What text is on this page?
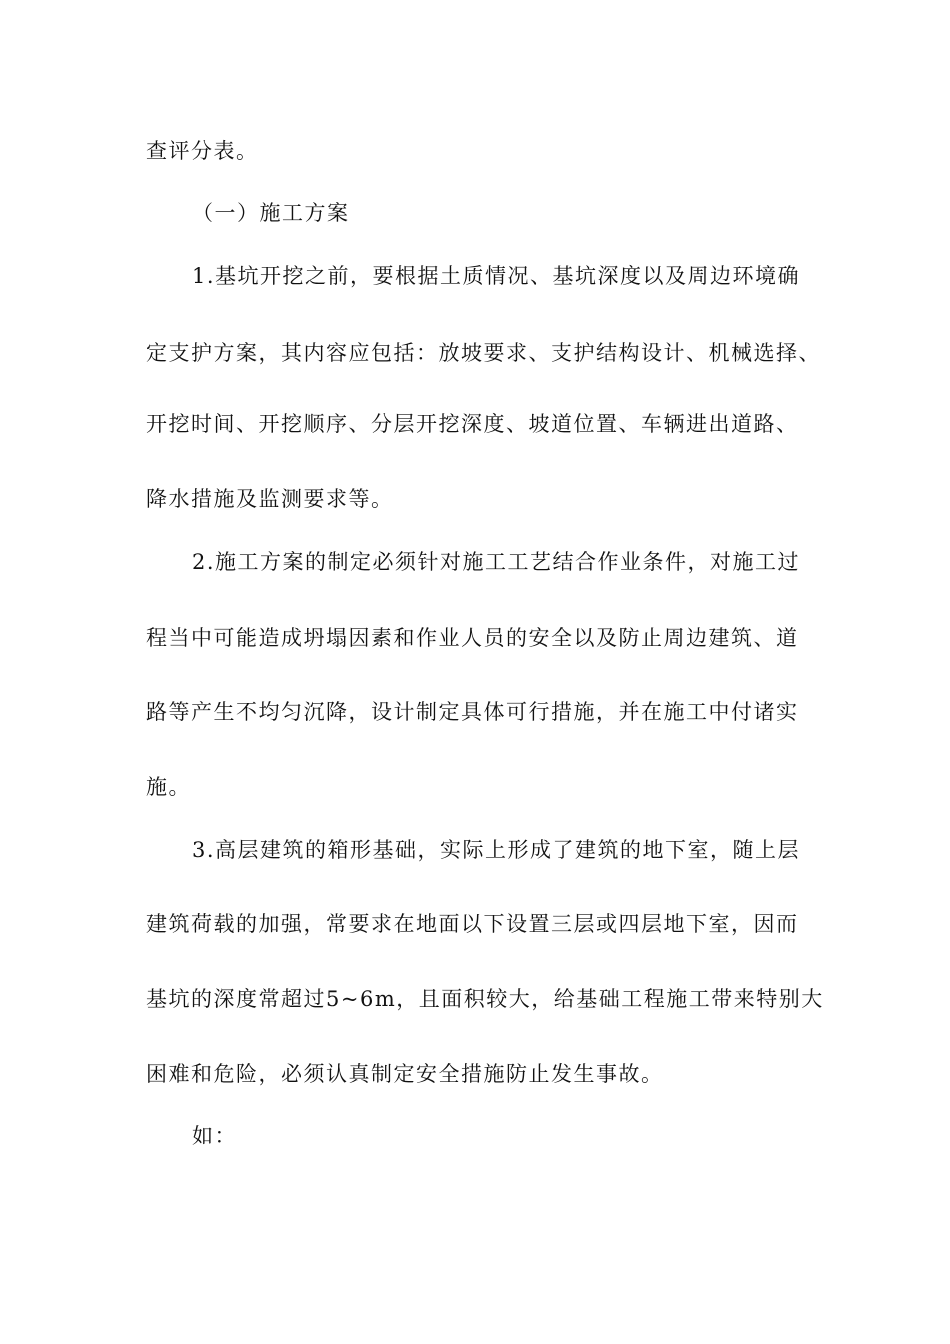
查评分表。

（一）施工方案

1.基坑开挖之前，要根据土质情况、基坑深度以及周边环境确

定支护方案，其内容应包括：放坡要求、支护结构设计、机械选择、

开挖时间、开挖顺序、分层开挖深度、坡道位置、车辆进出道路、

降水措施及监测要求等。

2.施工方案的制定必须针对施工工艺结合作业条件，对施工过

程当中可能造成坍塌因素和作业人员的安全以及防止周边建筑、道

路等产生不均匀沉降，设计制定具体可行措施，并在施工中付诸实

施。

3.高层建筑的箱形基础，实际上形成了建筑的地下室，随上层

建筑荷载的加强，常要求在地面以下设置三层或四层地下室，因而

基坑的深度常超过5~6m，且面积较大，给基础工程施工带来特别大

困难和危险，必须认真制定安全措施防止发生事故。

如：
